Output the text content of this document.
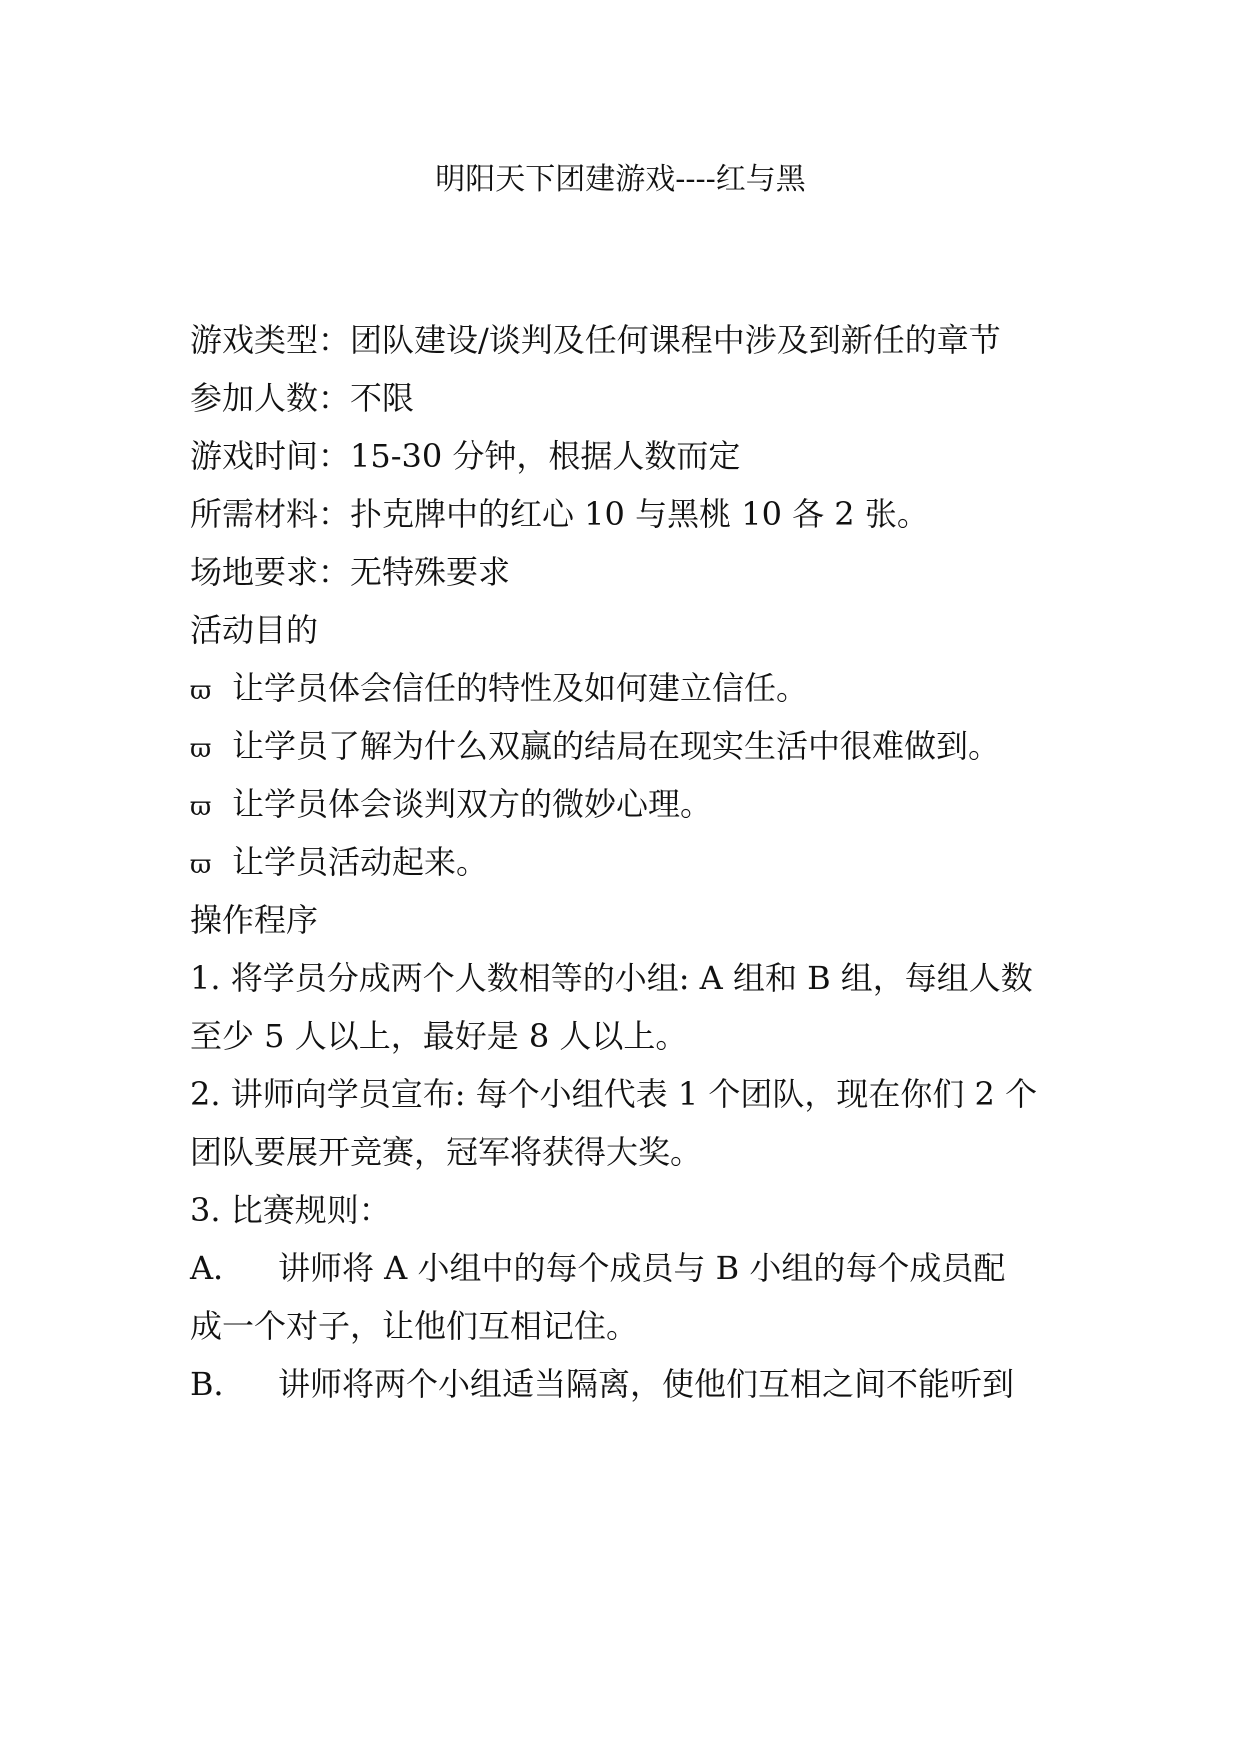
明阳天下团建游戏----红与黑
游戏类型：团队建设/谈判及任何课程中涉及到新任的章节
参加人数：不限
游戏时间：15-30 分钟，根据人数而定
所需材料：扑克牌中的红心 10 与黑桃 10 各 2 张。
场地要求：无特殊要求
活动目的
ϖ 让学员体会信任的特性及如何建立信任。
ϖ 让学员了解为什么双赢的结局在现实生活中很难做到。
ϖ 让学员体会谈判双方的微妙心理。
ϖ 让学员活动起来。
操作程序
1. 将学员分成两个人数相等的小组: A 组和 B 组，每组人数
至少 5 人以上，最好是 8 人以上。
2. 讲师向学员宣布: 每个小组代表 1 个团队，现在你们 2 个
团队要展开竞赛，冠军将获得大奖。
3. 比赛规则：
A． 讲师将 A 小组中的每个成员与 B 小组的每个成员配
成一个对子，让他们互相记住。
B． 讲师将两个小组适当隔离，使他们互相之间不能听到
